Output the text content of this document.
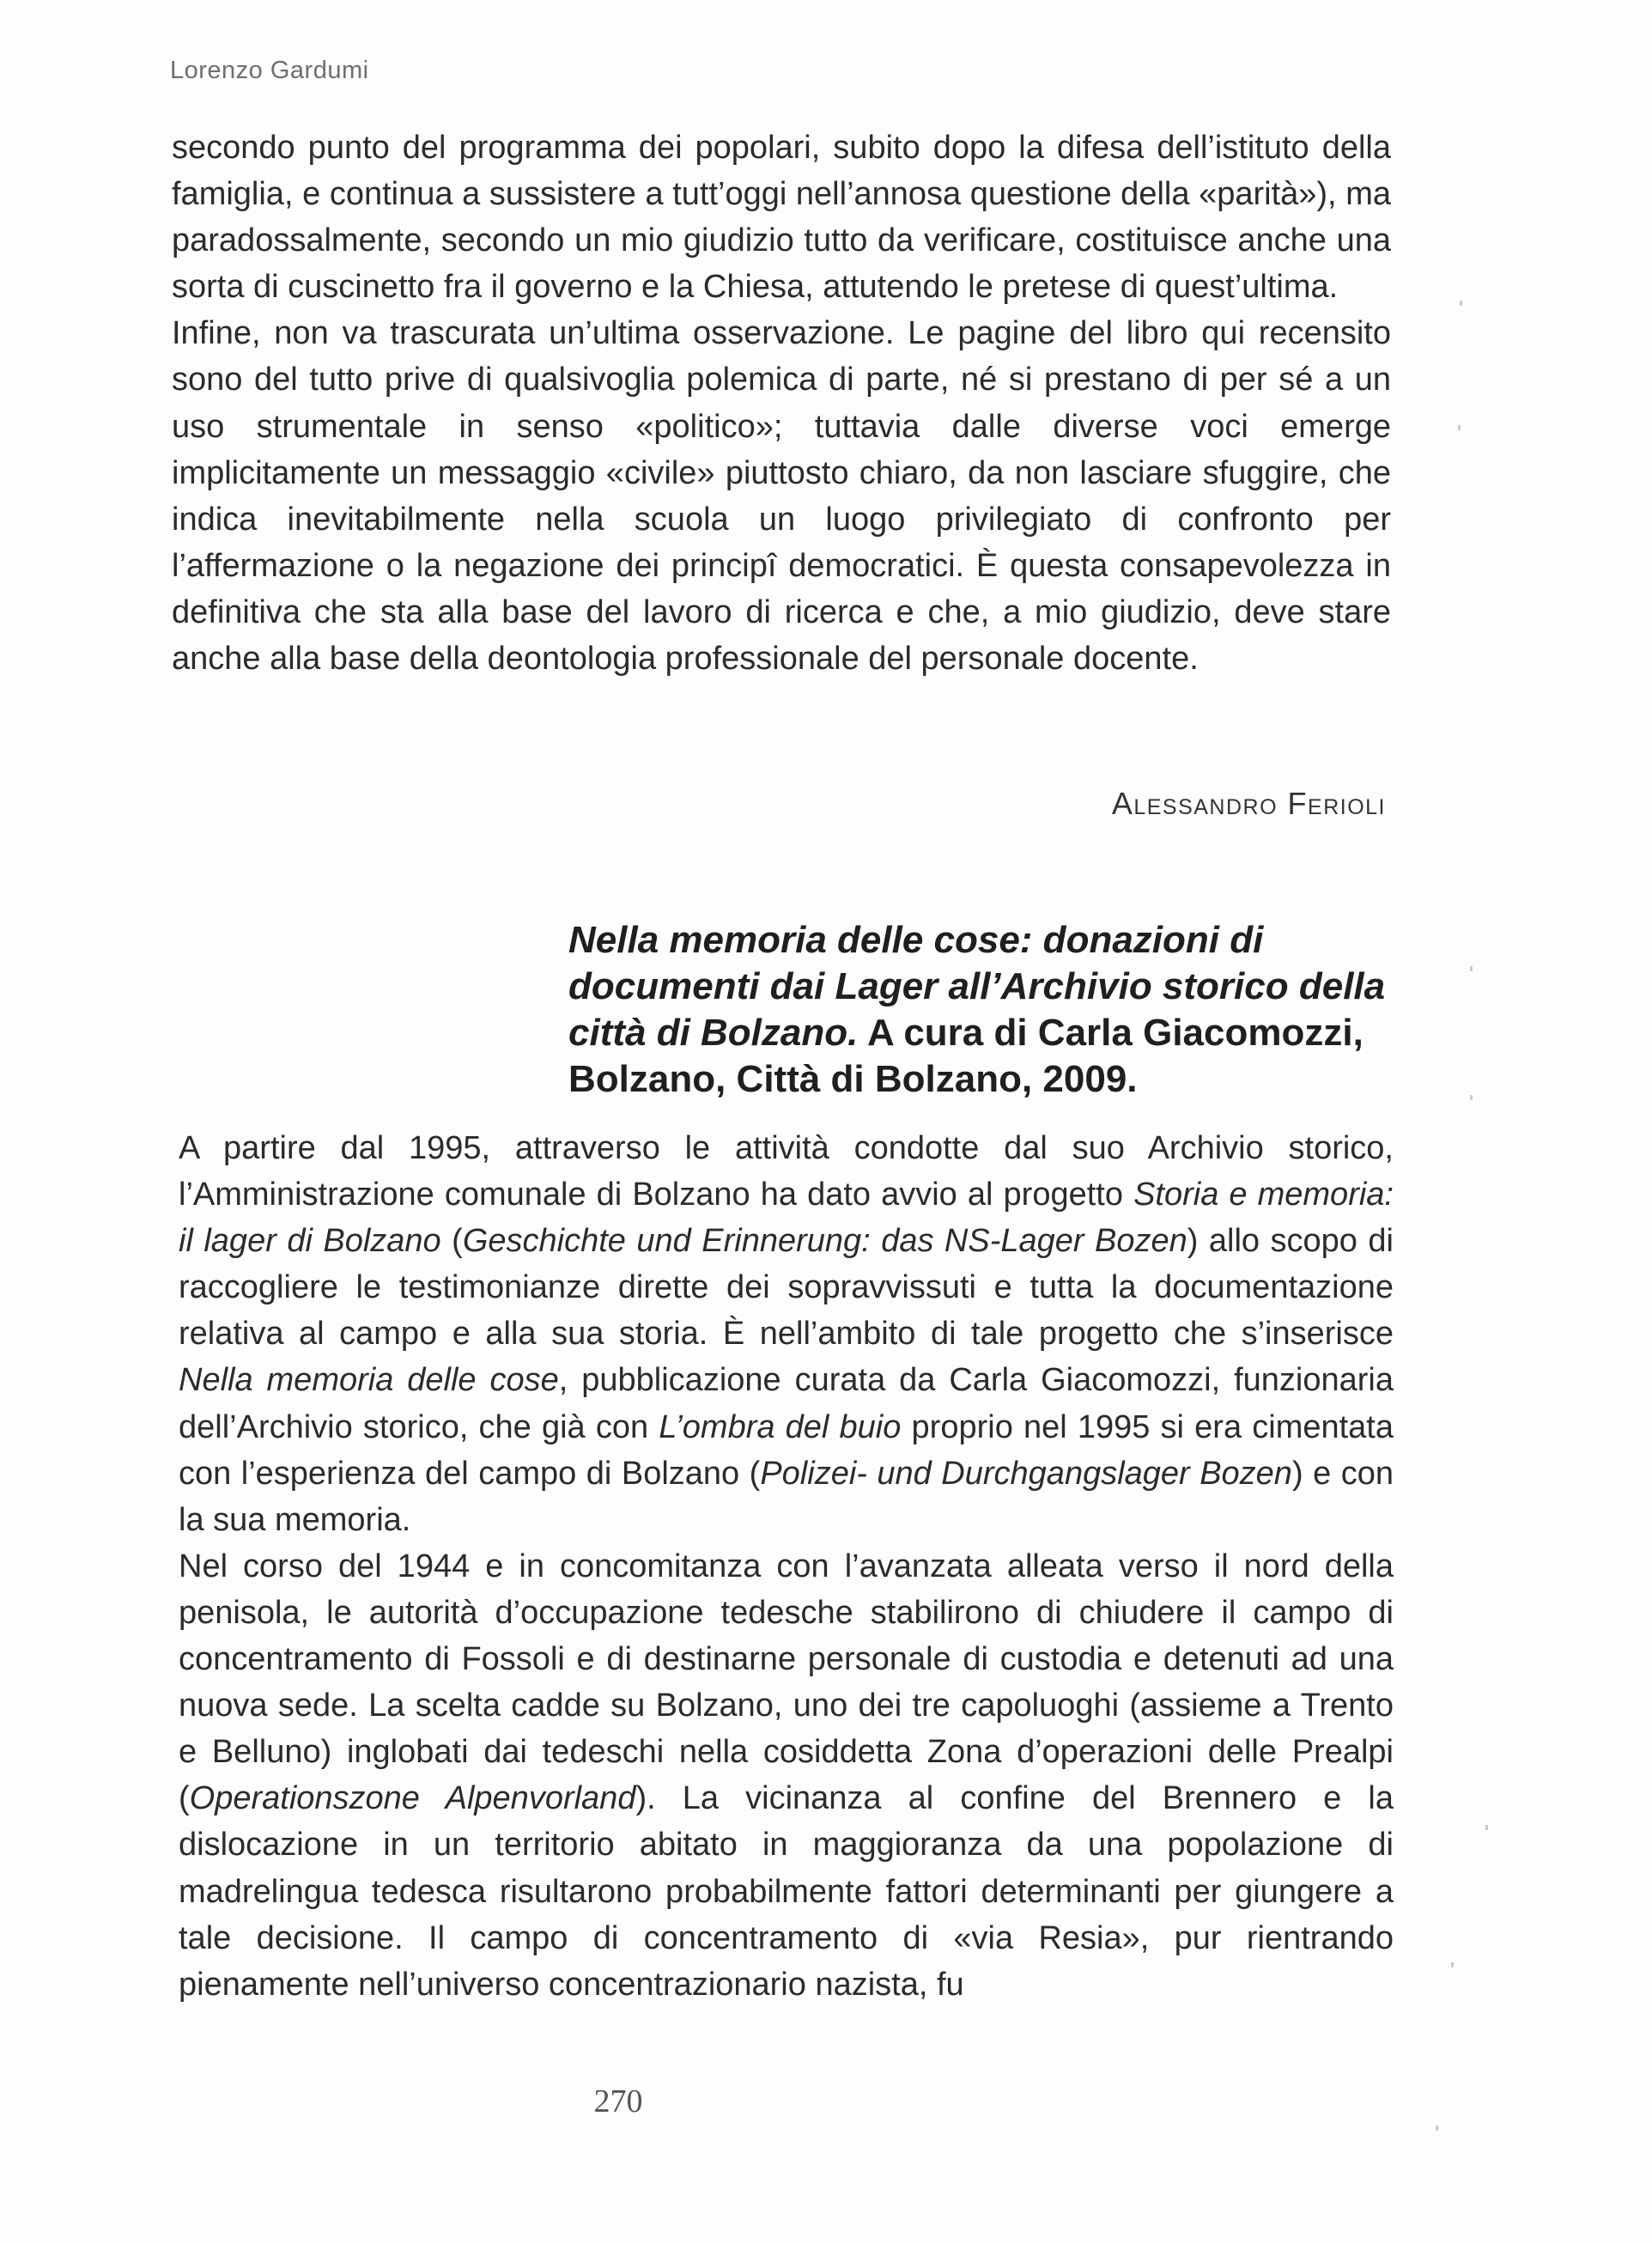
Lorenzo Gardumi

secondo punto del programma dei popolari, subito dopo la difesa dell’istituto della famiglia, e continua a sussistere a tutt’oggi nell’annosa questione della «parità»), ma paradossalmente, secondo un mio giudizio tutto da verificare, costituisce anche una sorta di cuscinetto fra il governo e la Chiesa, attutendo le pretese di quest’ultima.

Infine, non va trascurata un’ultima osservazione. Le pagine del libro qui recensito sono del tutto prive di qualsivoglia polemica di parte, né si prestano di per sé a un uso strumentale in senso «politico»; tuttavia dalle diverse voci emerge implicitamente un messaggio «civile» piuttosto chiaro, da non lasciare sfuggire, che indica inevitabilmente nella scuola un luogo privilegiato di confronto per l’affermazione o la negazione dei principî democratici. È questa consapevolezza in definitiva che sta alla base del lavoro di ricerca e che, a mio giudizio, deve stare anche alla base della deontologia professionale del personale docente.

Alessandro Ferioli
Nella memoria delle cose: donazioni di documenti dai Lager all’Archivio storico della città di Bolzano. A cura di Carla Giacomozzi, Bolzano, Città di Bolzano, 2009.

A partire dal 1995, attraverso le attività condotte dal suo Archivio storico, l’Amministrazione comunale di Bolzano ha dato avvio al progetto Storia e memoria: il lager di Bolzano (Geschichte und Erinnerung: das NS-Lager Bozen) allo scopo di raccogliere le testimonianze dirette dei sopravvissuti e tutta la documentazione relativa al campo e alla sua storia. È nell’ambito di tale progetto che s’inserisce Nella memoria delle cose, pubblicazione curata da Carla Giacomozzi, funzionaria dell’Archivio storico, che già con L’ombra del buio proprio nel 1995 si era cimentata con l’esperienza del campo di Bolzano (Polizei- und Durchgangslager Bozen) e con la sua memoria.

Nel corso del 1944 e in concomitanza con l’avanzata alleata verso il nord della penisola, le autorità d’occupazione tedesche stabilirono di chiudere il campo di concentramento di Fossoli e di destinarne personale di custodia e detenuti ad una nuova sede. La scelta cadde su Bolzano, uno dei tre capoluoghi (assieme a Trento e Belluno) inglobati dai tedeschi nella cosiddetta Zona d’operazioni delle Prealpi (Operationszone Alpenvorland). La vicinanza al confine del Brennero e la dislocazione in un territorio abitato in maggioranza da una popolazione di madrelingua tedesca risultarono probabilmente fattori determinanti per giungere a tale decisione. Il campo di concentramento di «via Resia», pur rientrando pienamente nell’universo concentrazionario nazista, fu

270
